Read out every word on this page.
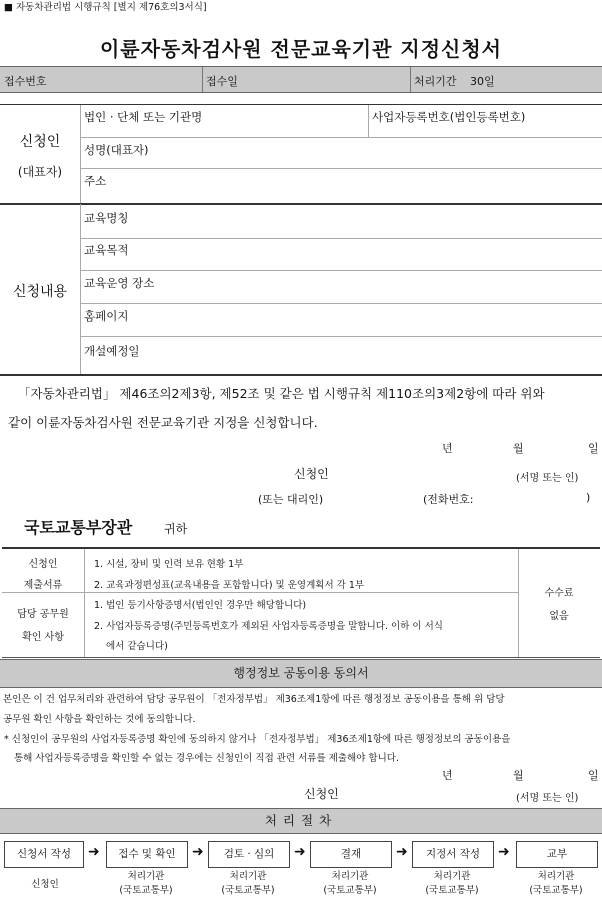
■ 자동차관리법 시행규칙 [별지 제76호의3서식]
이륜자동차검사원 전문교육기관 지정신청서
접수번호	접수일	처리기간 30일
신청인
(대표자)
법인 · 단체 또는 기관명	사업자등록번호(법인등록번호)
성명(대표자)
주소
신청내용
교육명칭
교육목적
교육운영 장소
홈페이지
개설예정일
「자동차관리법」 제46조의2제3항, 제52조 및 같은 법 시행규칙 제110조의3제2항에 따라 위와
같이 이륜자동차검사원 전문교육기관 지정을 신청합니다.
년	월	일
신청인	(서명 또는 인)
(또는 대리인)	(전화번호:	)
국토교통부장관	귀하
신청인
제출서류
1. 시설, 장비 및 인력 보유 현황 1부
2. 교육과정편성표(교육내용을 포함합니다) 및 운영계획서 각 1부
담당 공무원
확인 사항
1. 법인 등기사항증명서(법인인 경우만 해당합니다)
2. 사업자등록증명(주민등록번호가 제외된 사업자등록증명을 말합니다. 이하 이 서식
에서 같습니다)
수수료
없음
행정정보 공동이용 동의서
본인은 이 건 업무처리와 관련하여 담당 공무원이 「전자정부법」 제36조제1항에 따른 행정정보 공동이용을 통해 위 담당
공무원 확인 사항을 확인하는 것에 동의합니다.
* 신청인이 공무원의 사업자등록증명 확인에 동의하지 않거나 「전자정부법」 제36조제1항에 따른 행정정보의 공동이용을
통해 사업자등록증명을 확인할 수 없는 경우에는 신청인이 직접 관련 서류를 제출해야 합니다.
년	월	일
신청인	(서명 또는 인)
처리절차
신청서 작성	➜	접수 및 확인	➜	검토 · 심의	➜	결재	➜	지정서 작성	➜	교부
신청인
처리기관
(국토교통부)
처리기관
(국토교통부)
처리기관
(국토교통부)
처리기관
(국토교통부)
처리기관
(국토교통부)
